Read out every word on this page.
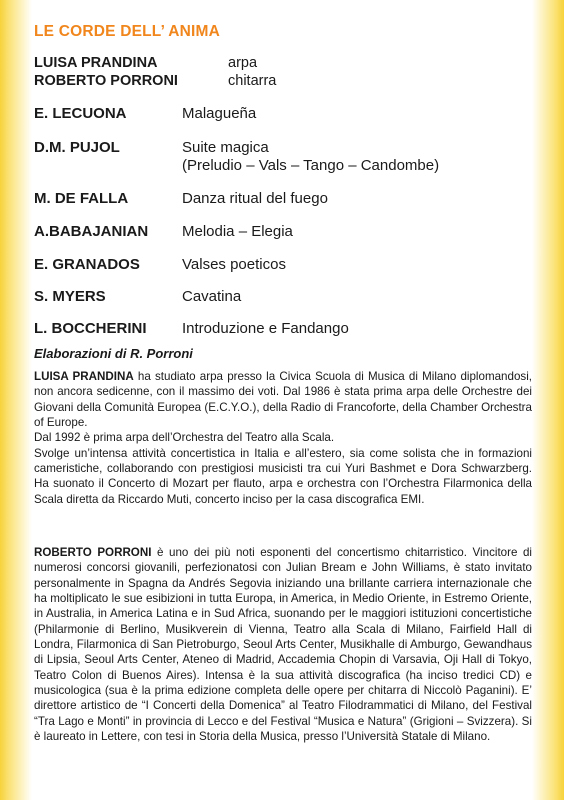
LE CORDE DELL’ ANIMA
LUISA PRANDINA	arpa
ROBERTO PORRONI	chitarra
E. LECUONA	Malagueña
D.M. PUJOL	Suite magica
(Preludio – Vals – Tango – Candombe)
M. DE FALLA	Danza ritual del fuego
A.BABAJANIAN	Melodia – Elegia
E. GRANADOS	Valses poeticos
S. MYERS	Cavatina
L. BOCCHERINI	Introduzione e Fandango
Elaborazioni di R. Porroni

LUISA PRANDINA ha studiato arpa presso la Civica Scuola di Musica di Milano diplomandosi, non ancora sedicenne, con il massimo dei voti. Dal 1986 è stata prima arpa delle Orchestre dei Giovani della Comunità Europea (E.C.Y.O.), della Radio di Francoforte, della Chamber Orchestra of Europe.

Dal 1992 è prima arpa dell’Orchestra del Teatro alla Scala.

Svolge un’intensa attività concertistica in Italia e all’estero, sia come solista che in formazioni cameristiche, collaborando con prestigiosi musicisti tra cui Yuri Bashmet e Dora Schwarzberg. Ha suonato il Concerto di Mozart per flauto, arpa e orchestra con l’Orchestra Filarmonica della Scala diretta da Riccardo Muti, concerto inciso per la casa discografica EMI.

ROBERTO PORRONI è uno dei più noti esponenti del concertismo chitarristico. Vincitore di numerosi concorsi giovanili, perfezionatosi con Julian Bream e John Williams, è stato invitato personalmente in Spagna da Andrés Segovia iniziando una brillante carriera internazionale che ha moltiplicato le sue esibizioni in tutta Europa, in America, in Medio Oriente, in Estremo Oriente, in Australia, in America Latina e in Sud Africa, suonando per le maggiori istituzioni concertistiche (Philarmonie di Berlino, Musikverein di Vienna, Teatro alla Scala di Milano, Fairfield Hall di Londra, Filarmonica di San Pietroburgo, Seoul Arts Center, Musikhalle di Amburgo, Gewandhaus di Lipsia, Seoul Arts Center, Ateneo di Madrid, Accademia Chopin di Varsavia, Oji Hall di Tokyo, Teatro Colon di Buenos Aires). Intensa è la sua attività discografica (ha inciso tredici CD) e musicologica (sua è la prima edizione completa delle opere per chitarra di Niccolò Paganini). E’ direttore artistico de “I Concerti della Domenica” al Teatro Filodrammatici di Milano, del Festival “Tra Lago e Monti” in provincia di Lecco e del Festival “Musica e Natura” (Grigioni – Svizzera). Si è laureato in Lettere, con tesi in Storia della Musica, presso l’Università Statale di Milano.
